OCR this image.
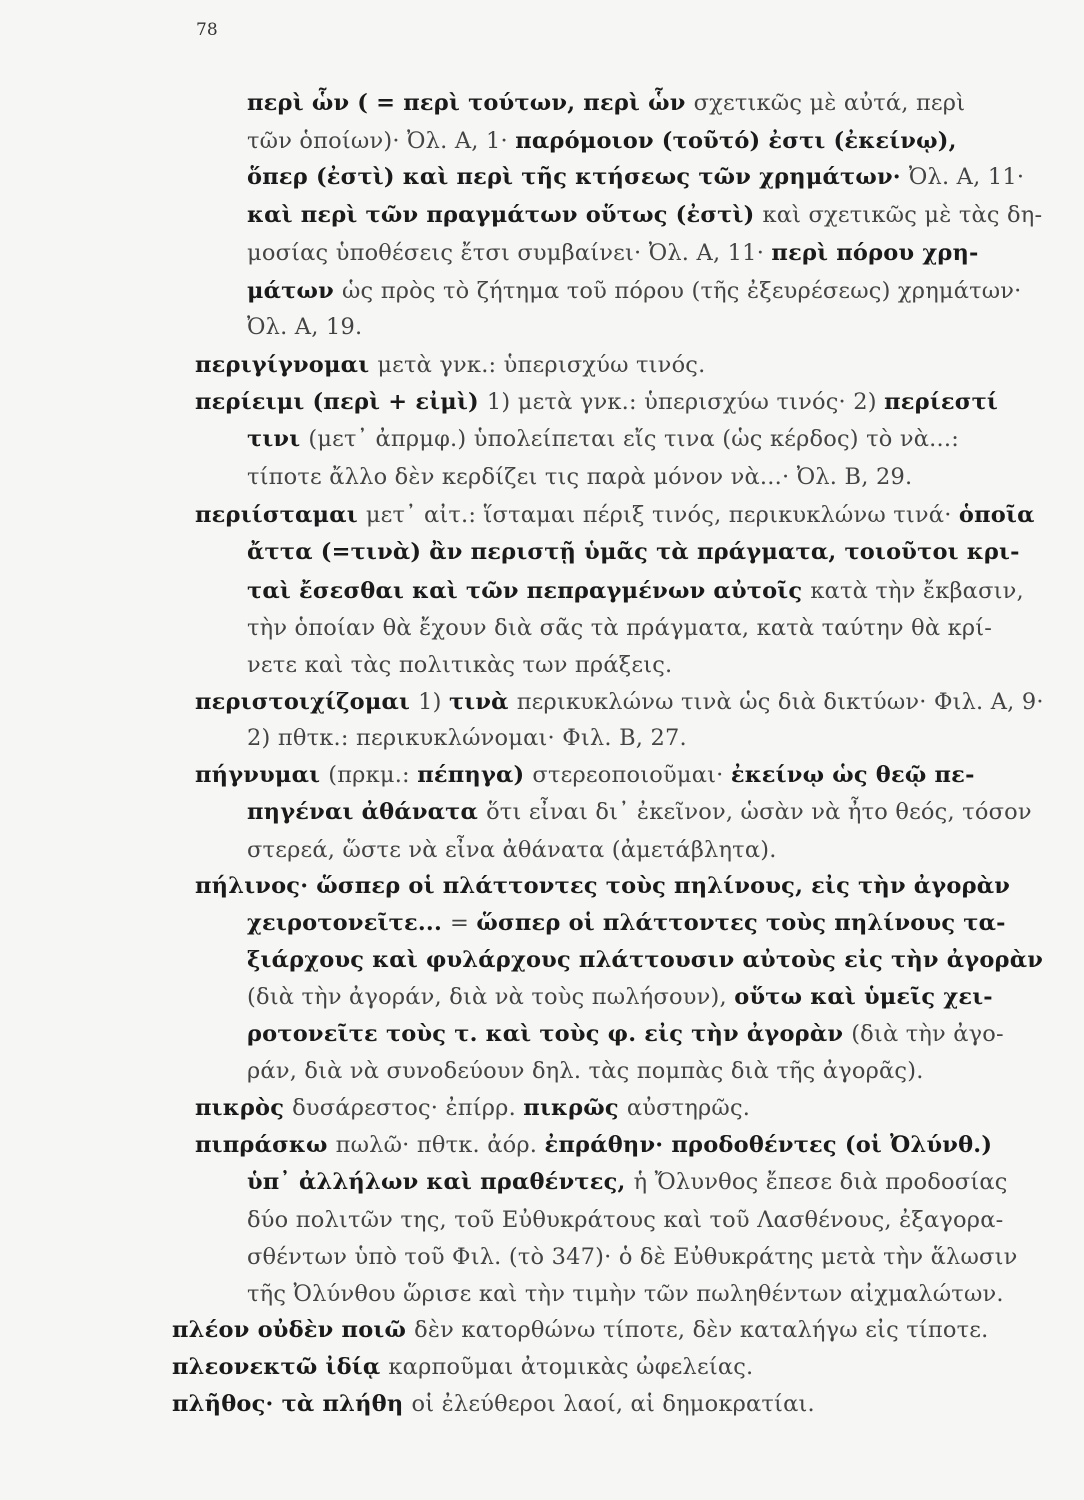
78
περὶ ὧν ( = περὶ τούτων, περὶ ὧν σχετικῶς μὲ αὐτά, περὶ
τῶν ὁποίων)· Ὀλ. Α, 1· παρόμοιον (τοῦτό) ἐστι (ἐκείνῳ),
ὅπερ (ἐστὶ) καὶ περὶ τῆς κτήσεως τῶν χρημάτων· Ὀλ. Α, 11·
καὶ περὶ τῶν πραγμάτων οὕτως (ἐστὶ) καὶ σχετικῶς μὲ τὰς δη-
μοσίας ὑποθέσεις ἔτσι συμβαίνει· Ὀλ. Α, 11· περὶ πόρου χρη-
μάτων ὡς πρὸς τὸ ζήτημα τοῦ πόρου (τῆς ἐξευρέσεως) χρημάτων·
Ὀλ. Α, 19.
περιγίγνομαι μετὰ γνκ.: ὑπερισχύω τινός.
περίειμι (περὶ + εἰμὶ) 1) μετὰ γνκ.: ὑπερισχύω τινός· 2) περίεστί
τινι (μετ᾽ ἀπρμφ.) ὑπολείπεται εἴς τινα (ὡς κέρδος) τὸ νὰ...:
τίποτε ἄλλο δὲν κερδίζει τις παρὰ μόνον νὰ...· Ὀλ. Β, 29.
περιίσταμαι μετ᾽ αἰτ.: ἵσταμαι πέριξ τινός, περικυκλώνω τινά· ὁποῖα
ἄττα (=τινὰ) ἂν περιστῇ ὑμᾶς τὰ πράγματα, τοιοῦτοι κρι-
ταὶ ἔσεσθαι καὶ τῶν πεπραγμένων αὐτοῖς κατὰ τὴν ἔκβασιν,
τὴν ὁποίαν θὰ ἔχουν διὰ σᾶς τὰ πράγματα, κατὰ ταύτην θὰ κρί-
νετε καὶ τὰς πολιτικὰς των πράξεις.
περιστοιχίζομαι 1) τινὰ περικυκλώνω τινὰ ὡς διὰ δικτύων· Φιλ. Α, 9·
2) πθτκ.: περικυκλώνομαι· Φιλ. Β, 27.
πήγνυμαι (πρκμ.: πέπηγα) στερεοποιοῦμαι· ἐκείνῳ ὡς θεῷ πε-
πηγέναι ἀθάνατα ὅτι εἶναι δι᾽ ἐκεῖνον, ὡσὰν νὰ ἦτο θεός, τόσον
στερεά, ὥστε νὰ εἶνα ἀθάνατα (ἀμετάβλητα).
πήλινος· ὥσπερ οἱ πλάττοντες τοὺς πηλίνους, εἰς τὴν ἀγορὰν
χειροτονεῖτε... = ὥσπερ οἱ πλάττοντες τοὺς πηλίνους τα-
ξιάρχους καὶ φυλάρχους πλάττουσιν αὐτοὺς εἰς τὴν ἀγορὰν
(διὰ τὴν ἀγοράν, διὰ νὰ τοὺς πωλήσουν), οὕτω καὶ ὑμεῖς χει-
ροτονεῖτε τοὺς τ. καὶ τοὺς φ. εἰς τὴν ἀγορὰν (διὰ τὴν ἀγο-
ράν, διὰ νὰ συνοδεύουν δηλ. τὰς πομπὰς διὰ τῆς ἀγορᾶς).
πικρὸς δυσάρεστος· ἐπίρρ. πικρῶς αὐστηρῶς.
πιπράσκω πωλῶ· πθτκ. ἀόρ. ἐπράθην· προδοθέντες (οἱ Ὀλύνθ.)
ὑπ᾽ ἀλλήλων καὶ πραθέντες, ἡ Ὄλυνθος ἔπεσε διὰ προδοσίας
δύο πολιτῶν της, τοῦ Εὐθυκράτους καὶ τοῦ Λασθένους, ἐξαγορα-
σθέντων ὑπὸ τοῦ Φιλ. (τὸ 347)· ὁ δὲ Εὐθυκράτης μετὰ τὴν ἅλωσιν
τῆς Ὀλύνθου ὥρισε καὶ τὴν τιμὴν τῶν πωληθέντων αἰχμαλώτων.
πλέον οὐδὲν ποιῶ δὲν κατορθώνω τίποτε, δὲν καταλήγω εἰς τίποτε.
πλεονεκτῶ ἰδίᾳ καρποῦμαι ἀτομικὰς ὠφελείας.
πλῆθος· τὰ πλήθη οἱ ἐλεύθεροι λαοί, αἱ δημοκρατίαι.
